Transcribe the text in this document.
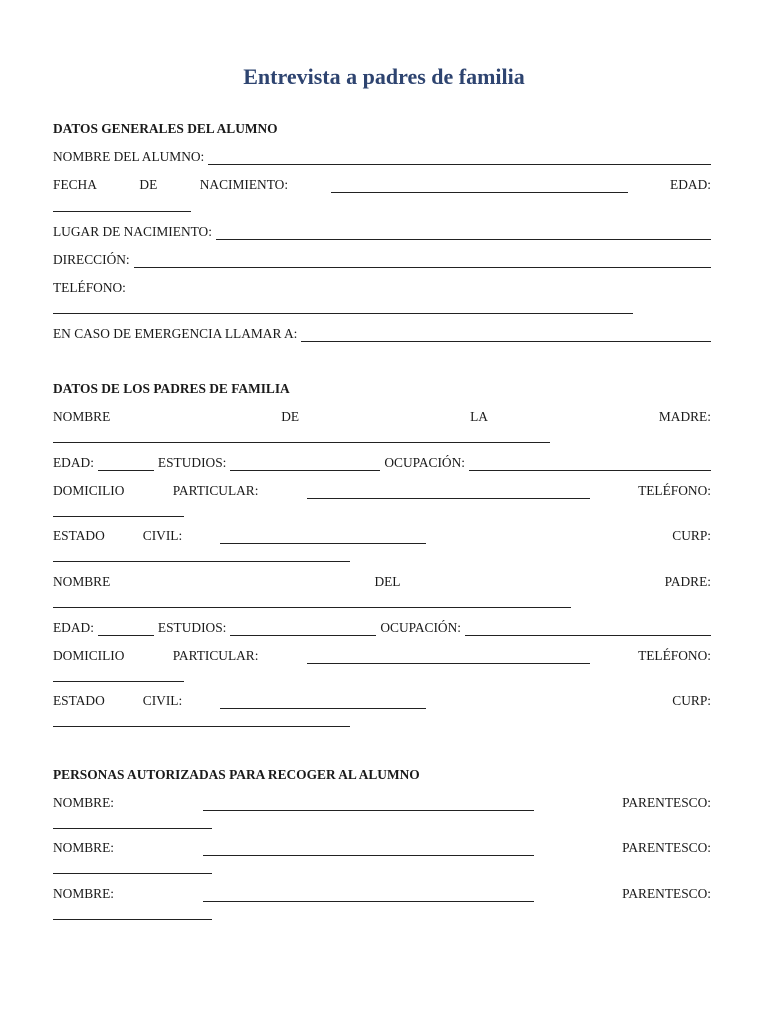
Entrevista a padres de familia
DATOS GENERALES DEL ALUMNO
NOMBRE DEL ALUMNO:
FECHA	DE	NACIMIENTO:	EDAD:
LUGAR DE NACIMIENTO:
DIRECCIÓN:
TELÉFONO:
EN CASO DE EMERGENCIA LLAMAR A:
DATOS DE LOS PADRES DE FAMILIA
NOMBRE	DE	LA	MADRE:
EDAD:	ESTUDIOS:	OCUPACIÓN:
DOMICILIO	PARTICULAR:	TELÉFONO:
ESTADO	CIVIL:	CURP:
NOMBRE	DEL	PADRE:
EDAD:	ESTUDIOS:	OCUPACIÓN:
DOMICILIO	PARTICULAR:	TELÉFONO:
ESTADO	CIVIL:	CURP:
PERSONAS AUTORIZADAS PARA RECOGER AL ALUMNO
NOMBRE:	PARENTESCO:
NOMBRE:	PARENTESCO:
NOMBRE:	PARENTESCO:
